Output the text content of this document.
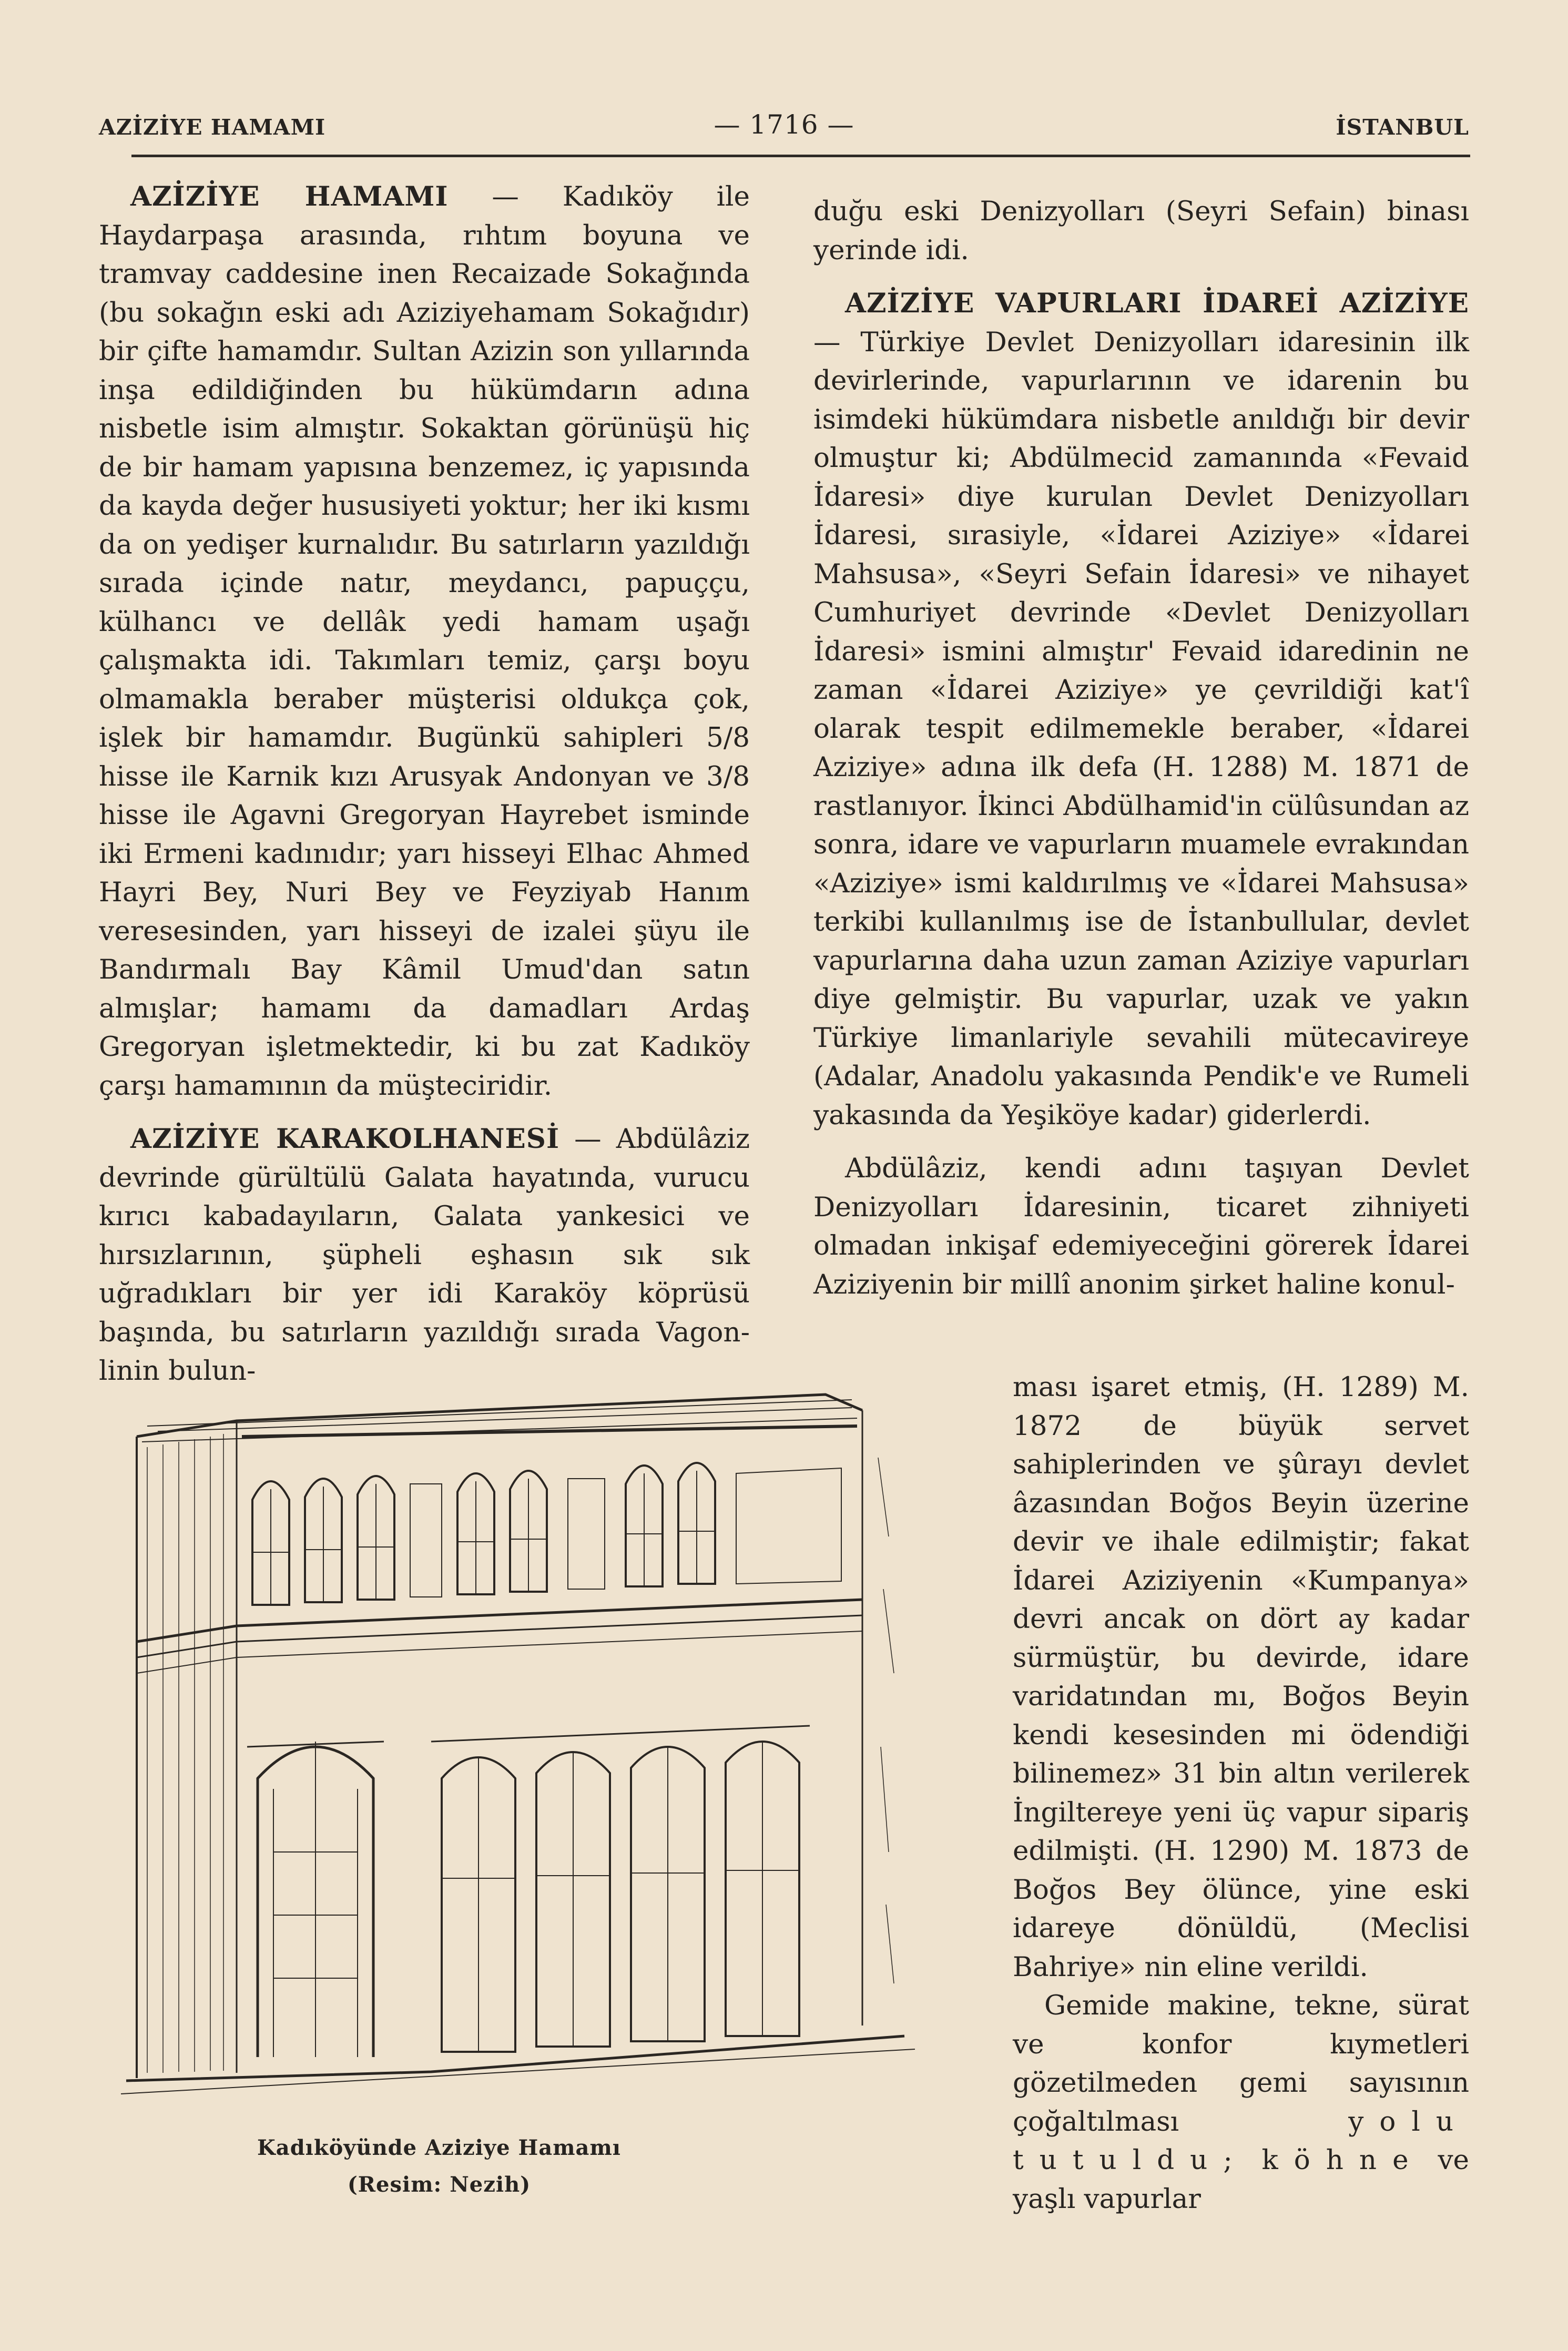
AZİZİYE HAMAMI	— 1716 —	İSTANBUL

AZİZİYE HAMAMI — Kadıköy ile Haydarpaşa arasında, rıhtım boyuna ve tramvay caddesine inen Recaizade Sokağında (bu sokağın eski adı Aziziyehamam Sokağıdır) bir çifte hamamdır. Sultan Azizin son yıllarında inşa edildiğinden bu hükümdarın adına nisbetle isim almıştır. Sokaktan görünüşü hiç de bir hamam yapısına benzemez, iç yapısında da kayda değer hususiyeti yoktur; her iki kısmı da on yedişer kurnalıdır. Bu satırların yazıldığı sırada içinde natır, meydancı, papuççu, külhancı ve dellâk yedi hamam uşağı çalışmakta idi. Takımları temiz, çarşı boyu olmamakla beraber müşterisi oldukça çok, işlek bir hamamdır. Bugünkü sahipleri 5/8 hisse ile Karnik kızı Arusyak Andonyan ve 3/8 hisse ile Agavni Gregoryan Hayrebet isminde iki Ermeni kadınıdır; yarı hisseyi Elhac Ahmed Hayri Bey, Nuri Bey ve Feyziyab Hanım veresesinden, yarı hisseyi de izalei şüyu ile Bandırmalı Bay Kâmil Umud'dan satın almışlar; hamamı da damadları Ardaş Gregoryan işletmektedir, ki bu zat Kadıköy çarşı hamamının da müşteciridir.

AZİZİYE KARAKOLHANESİ — Abdülâziz devrinde gürültülü Galata hayatında, vurucu kırıcı kabadayıların, Galata yankesici ve hırsızlarının, şüpheli eşhasın sık sık uğradıkları bir yer idi Karaköy köprüsü başında, bu satırların yazıldığı sırada Vagon-linin bulun-

duğu eski Denizyolları (Seyri Sefain) binası yerinde idi.

AZİZİYE VAPURLARI İDAREİ AZİZİYE — Türkiye Devlet Denizyolları idaresinin ilk devirlerinde, vapurlarının ve idarenin bu isimdeki hükümdara nisbetle anıldığı bir devir olmuştur ki; Abdülmecid zamanında «Fevaid İdaresi» diye kurulan Devlet Denizyolları İdaresi, sırasiyle, «İdarei Aziziye» «İdarei Mahsusa», «Seyri Sefain İdaresi» ve nihayet Cumhuriyet devrinde «Devlet Denizyolları İdaresi» ismini almıştır' Fevaid idaredinin ne zaman «İdarei Aziziye» ye çevrildiği kat'î olarak tespit edilmemekle beraber, «İdarei Aziziye» adına ilk defa (H. 1288) M. 1871 de rastlanıyor. İkinci Abdülhamid'in cülûsundan az sonra, idare ve vapurların muamele evrakından «Aziziye» ismi kaldırılmış ve «İdarei Mahsusa» terkibi kullanılmış ise de İstanbullular, devlet vapurlarına daha uzun zaman Aziziye vapurları diye gelmiştir. Bu vapurlar, uzak ve yakın Türkiye limanlariyle sevahili mütecavireye (Adalar, Anadolu yakasında Pendik'e ve Rumeli yakasında da Yeşiköye kadar) giderlerdi.

Abdülâziz, kendi adını taşıyan Devlet Denizyolları İdaresinin, ticaret zihniyeti olmadan inkişaf edemiyeceğini görerek İdarei Aziziyenin bir millî anonim şirket haline konul-

ması işaret etmiş, (H. 1289) M. 1872 de büyük servet sahiplerinden ve şûrayı devlet âzasından Boğos Beyin üzerine devir ve ihale edilmiştir; fakat İdarei Aziziyenin «Kumpanya» devri ancak on dört ay kadar sürmüştür, bu devirde, idare varidatından mı, Boğos Beyin kendi kesesinden mi ödendiği bilinemez» 31 bin altın verilerek İngiltereye yeni üç vapur sipariş edilmişti. (H. 1290) M. 1873 de Boğos Bey ölünce, yine eski idareye dönüldü, (Meclisi Bahriye» nin eline verildi.

Gemide makine, tekne, sürat ve konfor kıymetleri gözetilmeden gemi sayısının çoğaltılması	yolu tutuldu; köhne ve yaşlı vapurlar

Kadıköyünde Aziziye Hamamı
(Resim: Nezih)
